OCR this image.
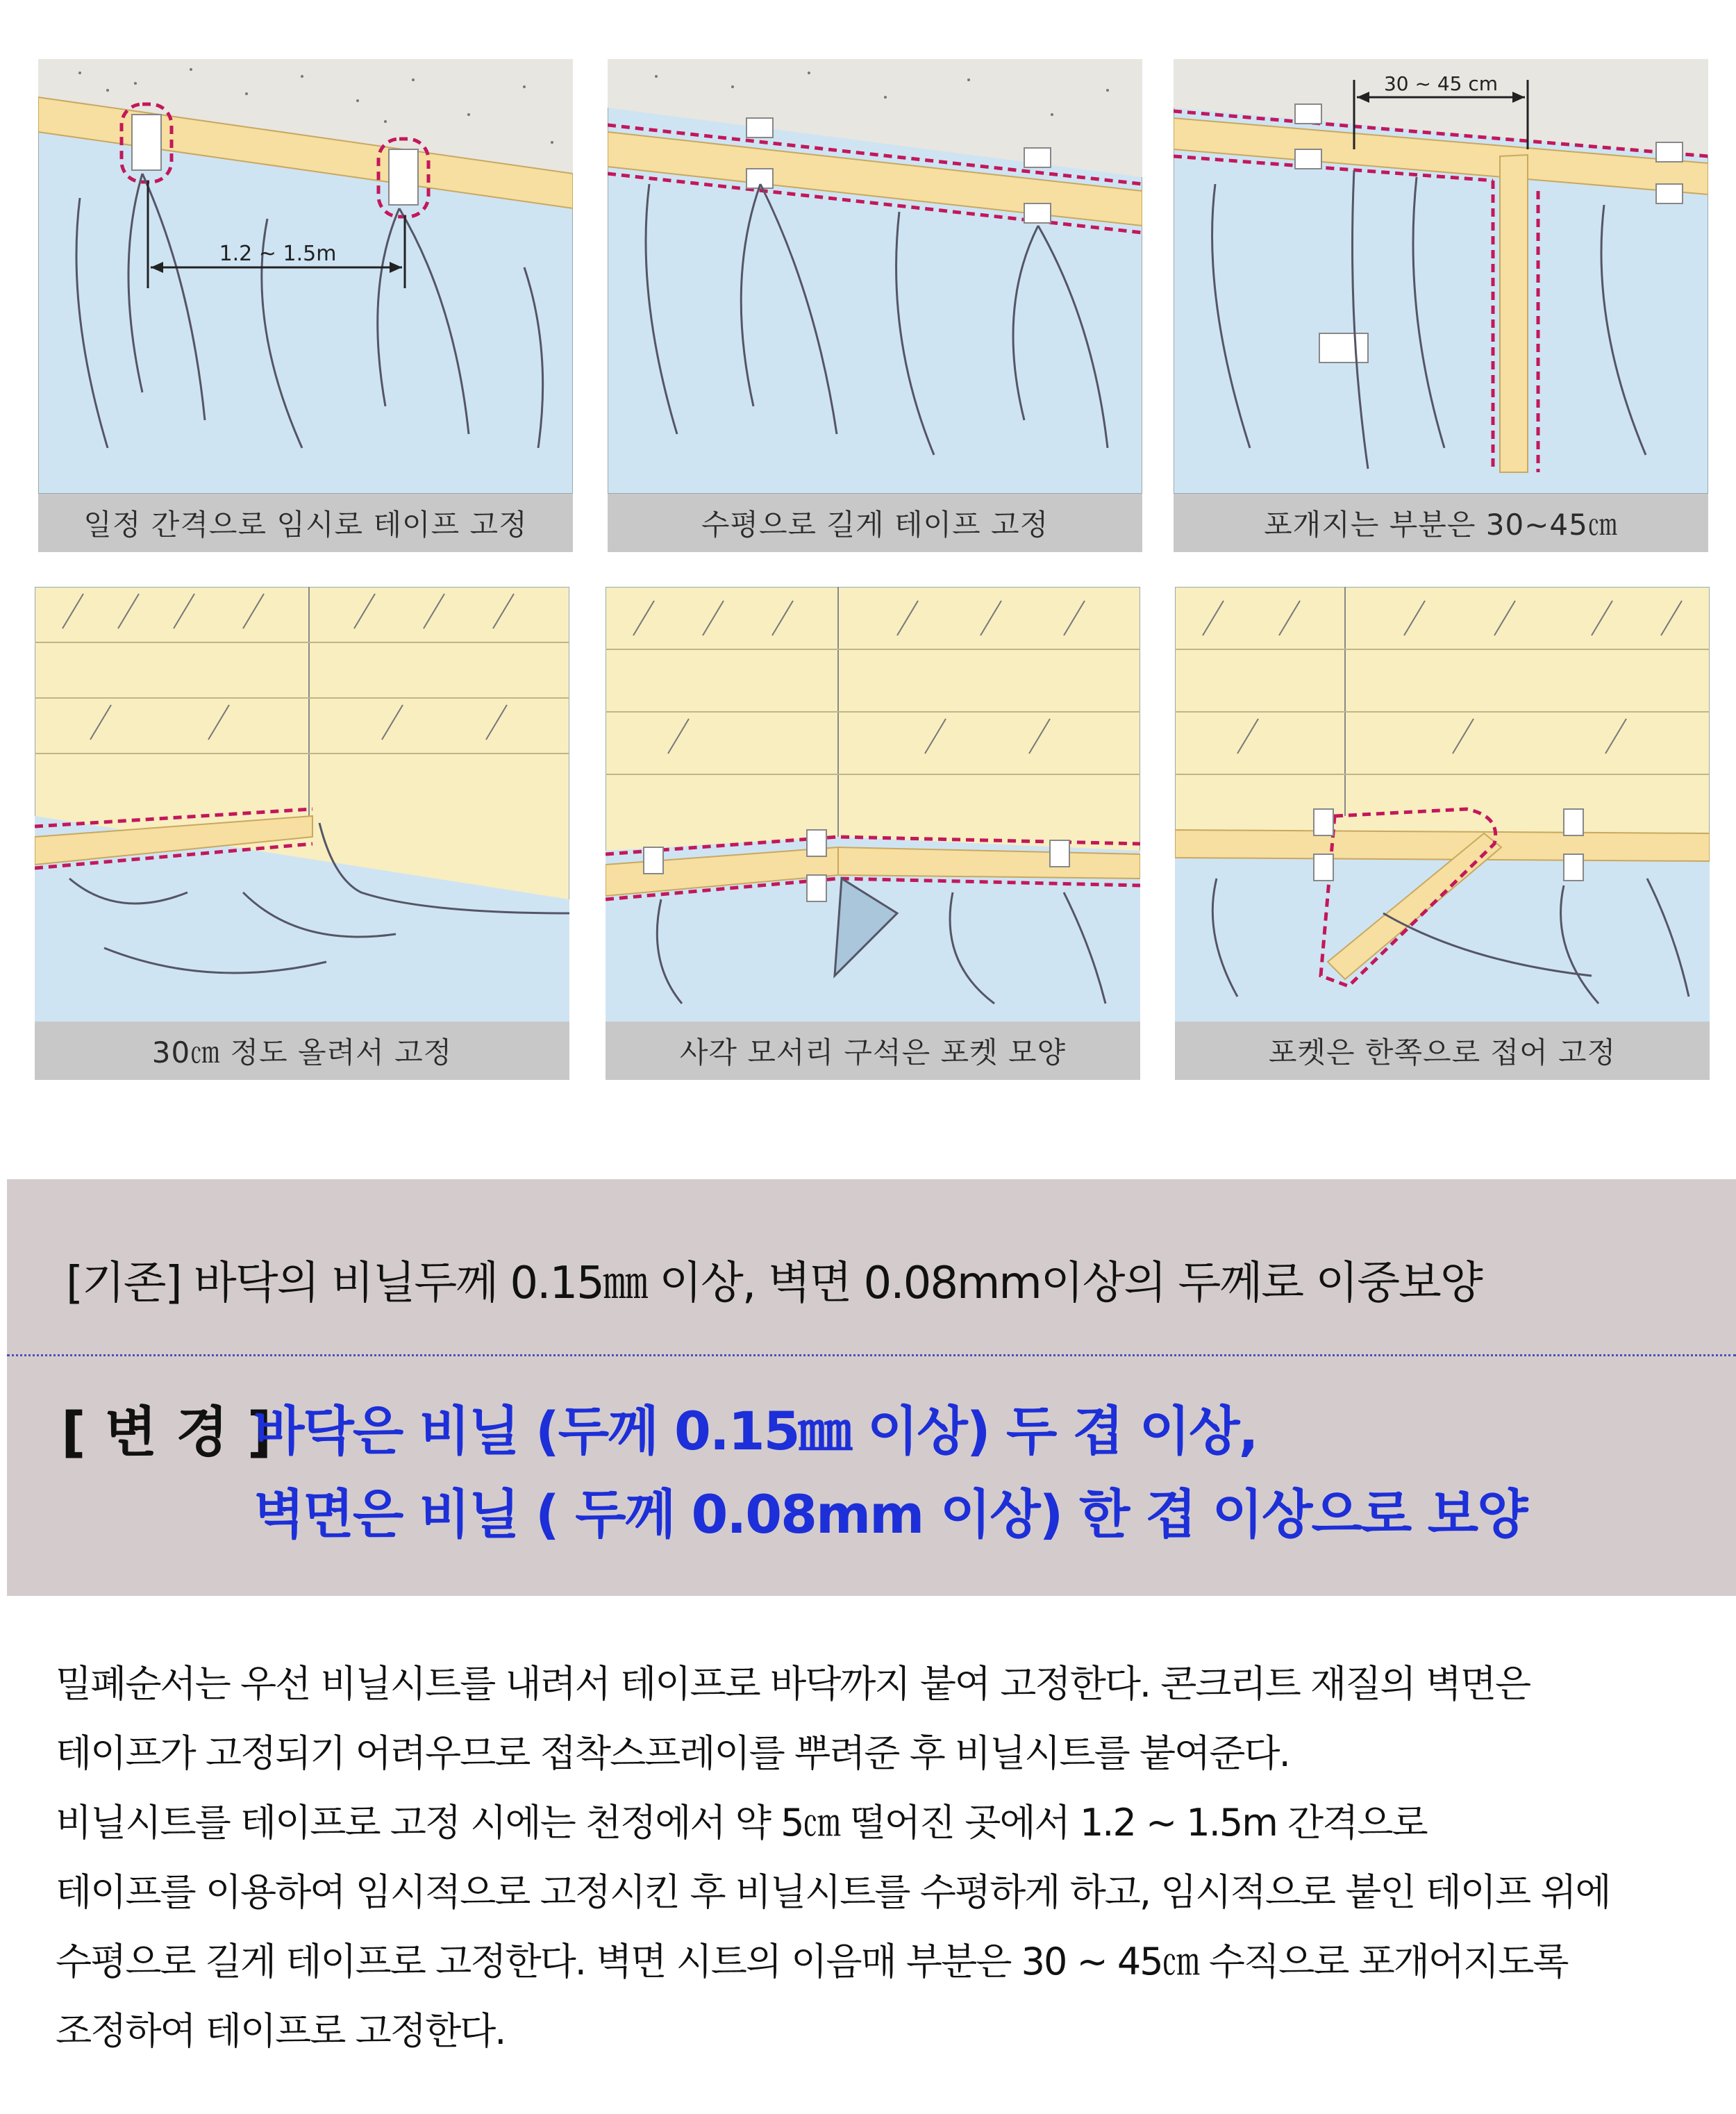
1.2 ~ 1.5m
일정 간격으로 임시로 테이프 고정	수평으로 길게 테이프 고정
30 ~ 45 cm
포개지는 부분은 30~45㎝
30㎝ 정도 올려서 고정	사각 모서리 구석은 포켓 모양	포켓은 한쪽으로 접어 고정
[기존] 바닥의 비닐두께 0.15㎜ 이상, 벽면 0.08mm이상의 두께로 이중보양
[ 변 경 ]
바닥은 비닐 (두께 0.15㎜ 이상) 두 겹 이상,
벽면은 비닐 ( 두께 0.08mm 이상) 한 겹 이상으로 보양

밀폐순서는 우선 비닐시트를 내려서 테이프로 바닥까지 붙여 고정한다. 콘크리트 재질의 벽면은

테이프가 고정되기 어려우므로 접착스프레이를 뿌려준 후 비닐시트를 붙여준다.

비닐시트를 테이프로 고정 시에는 천정에서 약 5㎝ 떨어진 곳에서 1.2 ~ 1.5m 간격으로

테이프를 이용하여 임시적으로 고정시킨 후 비닐시트를 수평하게 하고, 임시적으로 붙인 테이프 위에

수평으로 길게 테이프로 고정한다. 벽면 시트의 이음매 부분은 30 ~ 45㎝ 수직으로 포개어지도록

조정하여 테이프로 고정한다.
